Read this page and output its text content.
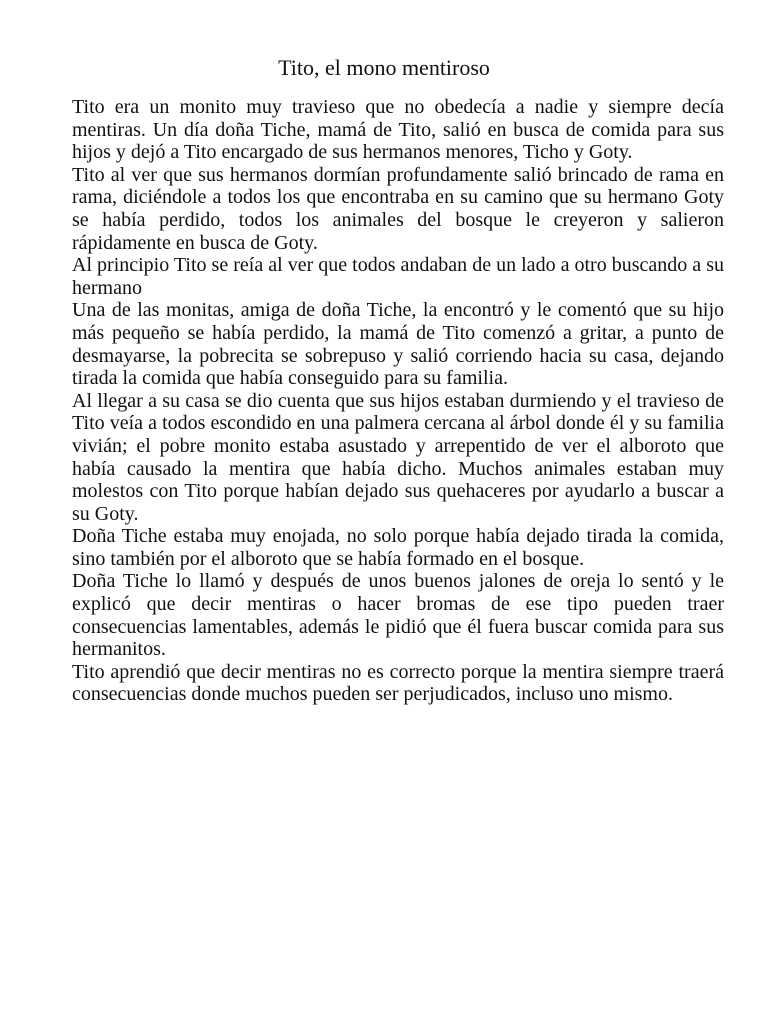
Tito, el mono mentiroso

Tito era un monito muy travieso que no obedecía a nadie y siempre decía mentiras. Un día doña Tiche, mamá de Tito, salió en busca de comida para sus hijos y dejó a Tito encargado de sus hermanos menores, Ticho y Goty.

Tito al ver que sus hermanos dormían profundamente salió brincado de rama en rama, diciéndole a todos los que encontraba en su camino que su hermano Goty se había perdido, todos los animales del bosque le creyeron y salieron rápidamente en busca de Goty.

Al principio Tito se reía al ver que todos andaban de un lado a otro buscando a su hermano

Una de las monitas, amiga de doña Tiche, la encontró y le comentó que su hijo más pequeño se había perdido, la mamá de Tito comenzó a gritar, a punto de desmayarse, la pobrecita se sobrepuso y salió corriendo hacia su casa, dejando tirada la comida que había conseguido para su familia.

Al llegar a su casa se dio cuenta que sus hijos estaban durmiendo y el travieso de Tito veía a todos escondido en una palmera cercana al árbol donde él y su familia vivián; el pobre monito estaba asustado y arrepentido de ver el alboroto que había causado la mentira que había dicho. Muchos animales estaban muy molestos con Tito porque habían dejado sus quehaceres por ayudarlo a buscar a su Goty.

Doña Tiche estaba muy enojada, no solo porque había dejado tirada la comida, sino también por el alboroto que se había formado en el bosque.

Doña Tiche lo llamó y después de unos buenos jalones de oreja lo sentó y le explicó que decir mentiras o hacer bromas de ese tipo pueden traer consecuencias lamentables, además le pidió que él fuera buscar comida para sus hermanitos.

Tito aprendió que decir mentiras no es correcto porque la mentira siempre traerá consecuencias donde muchos pueden ser perjudicados, incluso uno mismo.
